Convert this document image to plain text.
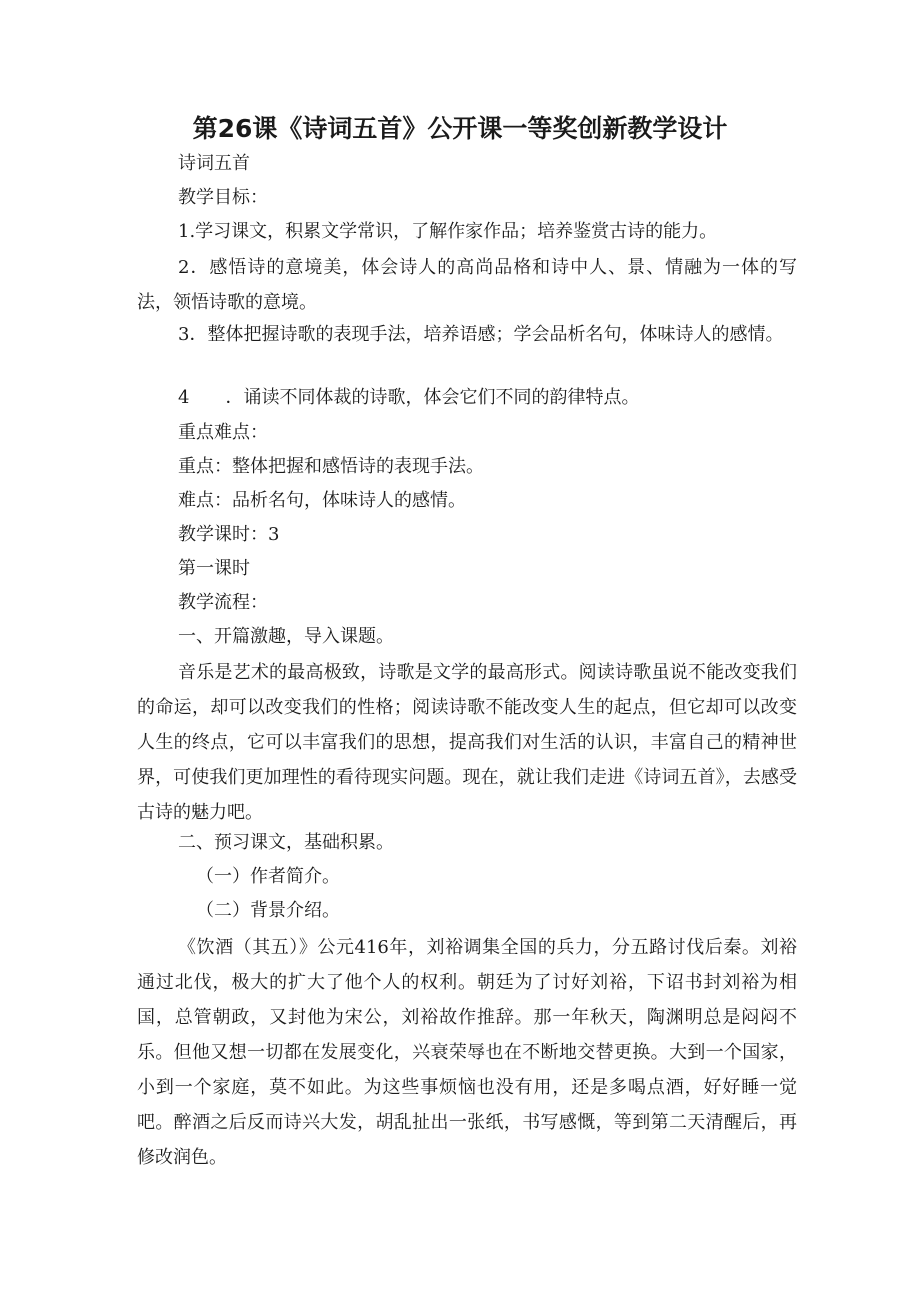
第26课《诗词五首》公开课一等奖创新教学设计

诗词五首

教学目标：

1.学习课文，积累文学常识，了解作家作品；培养鉴赏古诗的能力。

2．感悟诗的意境美，体会诗人的高尚品格和诗中人、景、情融为一体的写法，领悟诗歌的意境。

3．整体把握诗歌的表现手法，培养语感；学会品析名句，体味诗人的感情。

4　　．诵读不同体裁的诗歌，体会它们不同的韵律特点。

重点难点：

重点：整体把握和感悟诗的表现手法。

难点：品析名句，体味诗人的感情。

教学课时：3

第一课时

教学流程：

一、开篇激趣，导入课题。

音乐是艺术的最高极致，诗歌是文学的最高形式。阅读诗歌虽说不能改变我们的命运，却可以改变我们的性格；阅读诗歌不能改变人生的起点，但它却可以改变人生的终点，它可以丰富我们的思想，提高我们对生活的认识，丰富自己的精神世界，可使我们更加理性的看待现实问题。现在，就让我们走进《诗词五首》，去感受古诗的魅力吧。

二、预习课文，基础积累。

（一）作者简介。

（二）背景介绍。

《饮酒（其五）》公元416年，刘裕调集全国的兵力，分五路讨伐后秦。刘裕通过北伐，极大的扩大了他个人的权利。朝廷为了讨好刘裕，下诏书封刘裕为相国，总管朝政，又封他为宋公，刘裕故作推辞。那一年秋天，陶渊明总是闷闷不乐。但他又想一切都在发展变化，兴衰荣辱也在不断地交替更换。大到一个国家，小到一个家庭，莫不如此。为这些事烦恼也没有用，还是多喝点酒，好好睡一觉吧。醉酒之后反而诗兴大发，胡乱扯出一张纸，书写感慨，等到第二天清醒后，再修改润色。
